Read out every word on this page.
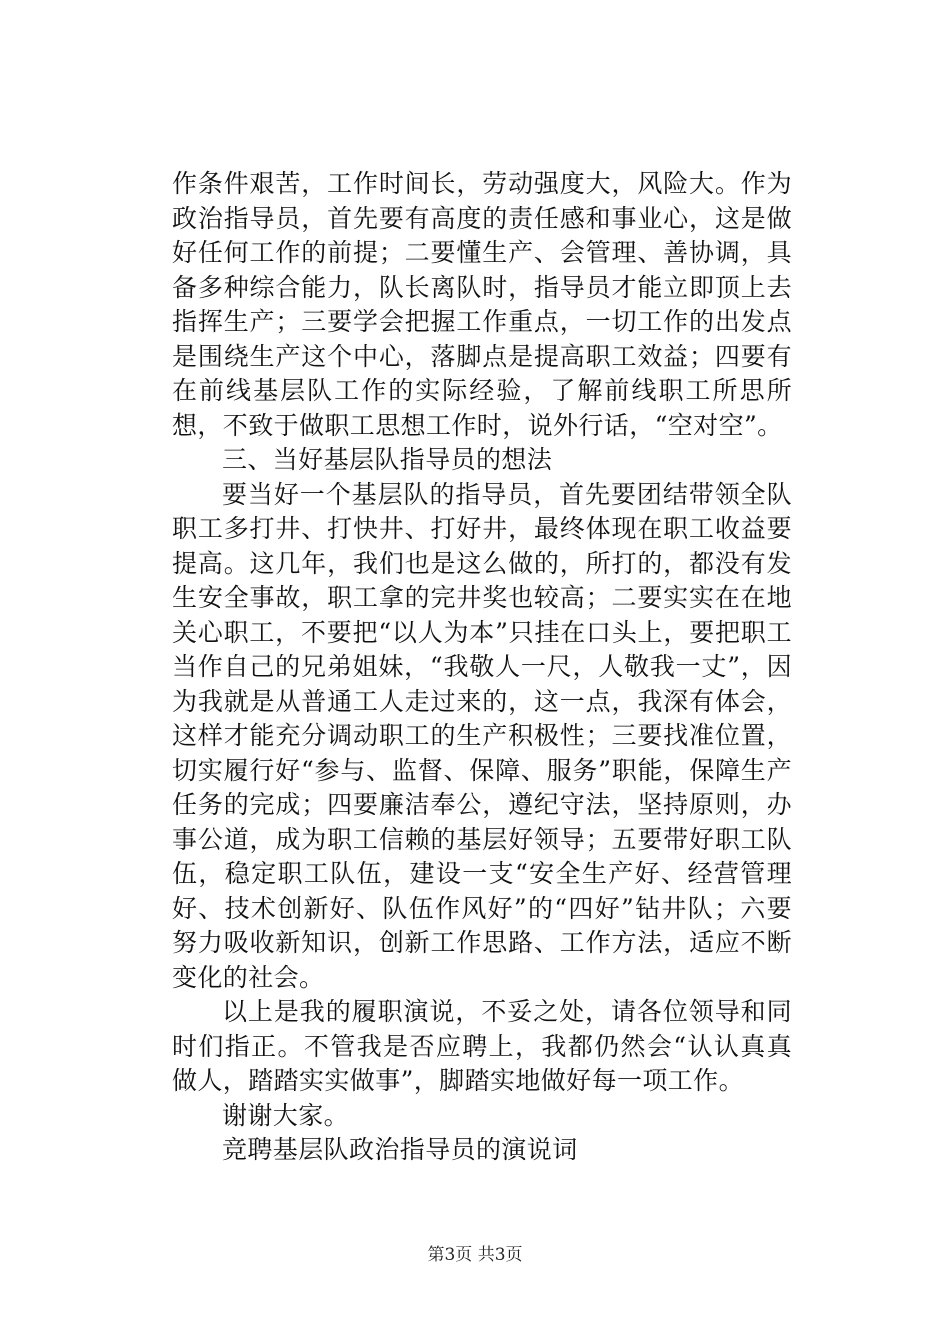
作条件艰苦，工作时间长，劳动强度大，风险大。作为政治指导员，首先要有高度的责任感和事业心，这是做好任何工作的前提；二要懂生产、会管理、善协调，具备多种综合能力，队长离队时，指导员才能立即顶上去指挥生产；三要学会把握工作重点，一切工作的出发点是围绕生产这个中心，落脚点是提高职工效益；四要有在前线基层队工作的实际经验，了解前线职工所思所想，不致于做职工思想工作时，说外行话，“空对空”。

三、当好基层队指导员的想法

要当好一个基层队的指导员，首先要团结带领全队职工多打井、打快井、打好井，最终体现在职工收益要提高。这几年，我们也是这么做的，所打的，都没有发生安全事故，职工拿的完井奖也较高；二要实实在在地关心职工，不要把“以人为本”只挂在口头上，要把职工当作自己的兄弟姐妹，“我敬人一尺，人敬我一丈”，因为我就是从普通工人走过来的，这一点，我深有体会，这样才能充分调动职工的生产积极性；三要找准位置，切实履行好“参与、监督、保障、服务”职能，保障生产任务的完成；四要廉洁奉公，遵纪守法，坚持原则，办事公道，成为职工信赖的基层好领导；五要带好职工队伍，稳定职工队伍，建设一支“安全生产好、经营管理好、技术创新好、队伍作风好”的“四好”钻井队；六要努力吸收新知识，创新工作思路、工作方法，适应不断变化的社会。

以上是我的履职演说，不妥之处，请各位领导和同时们指正。不管我是否应聘上，我都仍然会“认认真真做人，踏踏实实做事”，脚踏实地做好每一项工作。

谢谢大家。

竞聘基层队政治指导员的演说词

第3页 共3页
